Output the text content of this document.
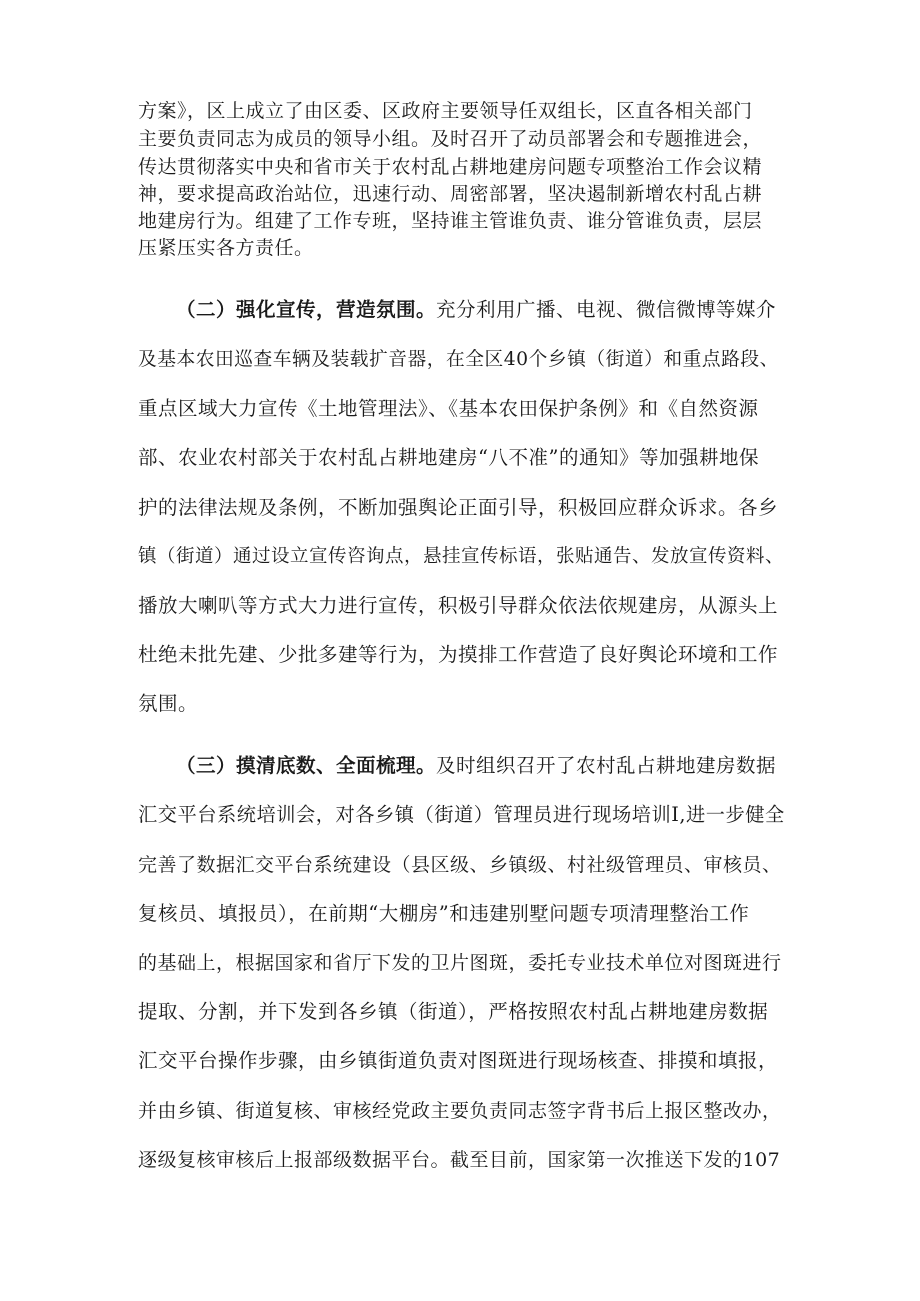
方案》，区上成立了由区委、区政府主要领导任双组长，区直各相关部门
主要负责同志为成员的领导小组。及时召开了动员部署会和专题推进会，
传达贯彻落实中央和省市关于农村乱占耕地建房问题专项整治工作会议精
神，要求提高政治站位，迅速行动、周密部署，坚决遏制新增农村乱占耕
地建房行为。组建了工作专班，坚持谁主管谁负责、谁分管谁负责，层层
压紧压实各方责任。
（二）强化宣传，营造氛围。充分利用广播、电视、微信微博等媒介
及基本农田巡查车辆及装载扩音器，在全区40个乡镇（街道）和重点路段、
重点区域大力宣传《土地管理法》、《基本农田保护条例》和《自然资源
部、农业农村部关于农村乱占耕地建房“八不准”的通知》等加强耕地保
护的法律法规及条例，不断加强舆论正面引导，积极回应群众诉求。各乡
镇（街道）通过设立宣传咨询点，悬挂宣传标语，张贴通告、发放宣传资料、
播放大喇叭等方式大力进行宣传，积极引导群众依法依规建房，从源头上
杜绝未批先建、少批多建等行为，为摸排工作营造了良好舆论环境和工作
氛围。
（三）摸清底数、全面梳理。及时组织召开了农村乱占耕地建房数据
汇交平台系统培训会，对各乡镇（街道）管理员进行现场培训I,进一步健全
完善了数据汇交平台系统建设（县区级、乡镇级、村社级管理员、审核员、
复核员、填报员），在前期“大棚房”和违建别墅问题专项清理整治工作
的基础上，根据国家和省厅下发的卫片图斑，委托专业技术单位对图斑进行
提取、分割，并下发到各乡镇（街道），严格按照农村乱占耕地建房数据
汇交平台操作步骤，由乡镇街道负责对图斑进行现场核查、排摸和填报，
并由乡镇、街道复核、审核经党政主要负责同志签字背书后上报区整改办，
逐级复核审核后上报部级数据平台。截至目前，国家第一次推送下发的107
